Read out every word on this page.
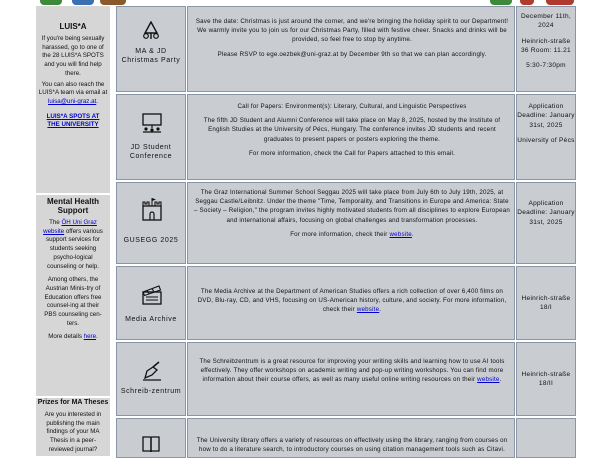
LUIS*A
If you're being sexually harassed, go to one of the 28 LUIS*A SPOTS and you will find help there.
You can also reach the LUIS*A team via email at luisa@uni-graz.at.
LUIS*A SPOTS AT THE UNIVERSITY
Mental Health Support
The ÖH Uni Graz website offers various support services for students seeking psycho-logical counseling or help.
Among others, the Austrian Minis-try of Education offers free counsel-ing at their PBS counseling cen-ters.
More details here.
Prizes for MA Theses
Are you interested in publishing the main findings of your MA Thesis in a peer-reviewed journal?
MA & JD Christmas Party

Save the date: Christmas is just around the corner, and we're bringing the holiday spirit to our Department! We warmly invite you to join us for our Christmas Party, filled with festive cheer. Snacks and drinks will be provided, so feel free to stop by anytime.

Please RSVP to ege.oezbek@uni-graz.at by December 9th so that we can plan accordingly.

December 11th, 2024

Heinrich-straße 36 Room: 11.21

5:30-7:30pm

JD Student Conference

Call for Papers: Environment(s): Literary, Cultural, and Linguistic Perspectives

The fifth JD Student and Alumni Conference will take place on May 8, 2025, hosted by the Institute of English Studies at the University of Pécs, Hungary. The conference invites JD students and recent graduates to present papers or posters exploring the theme.

For more information, check the Call for Papers attached to this email.

Application Deadline: January 31st, 2025

University of Pécs

GUSEGG 2025

The Graz International Summer School Seggau 2025 will take place from July 6th to July 19th, 2025, at Seggau Castle/Leibnitz. Under the theme "Time, Temporality, and Transitions in Europe and America: State – Society – Religion," the program invites highly motivated students from all disciplines to explore European and international affairs, focusing on global challenges and transformation processes.

For more information, check their website.

Application Deadline: January 31st, 2025

Media Archive
The Media Archive at the Department of American Studies offers a rich collection of over 6,400 films on DVD, Blu-ray, CD, and VHS, focusing on US-American history, culture, and society. For more information, check their website.

Heinrich-straße 18/I

Schreib-zentrum
The Schreibzentrum is a great resource for improving your writing skills and learning how to use AI tools effectively. They offer workshops on academic writing and pop-up writing workshops. You can find more information about their course offers, as well as many useful online writing resources on their website.

Heinrich-straße 18/II

The University library offers a variety of resources on effectively using the library, ranging from courses on how to do a literature search, to introductory courses on using citation management tools such as Citavi.
